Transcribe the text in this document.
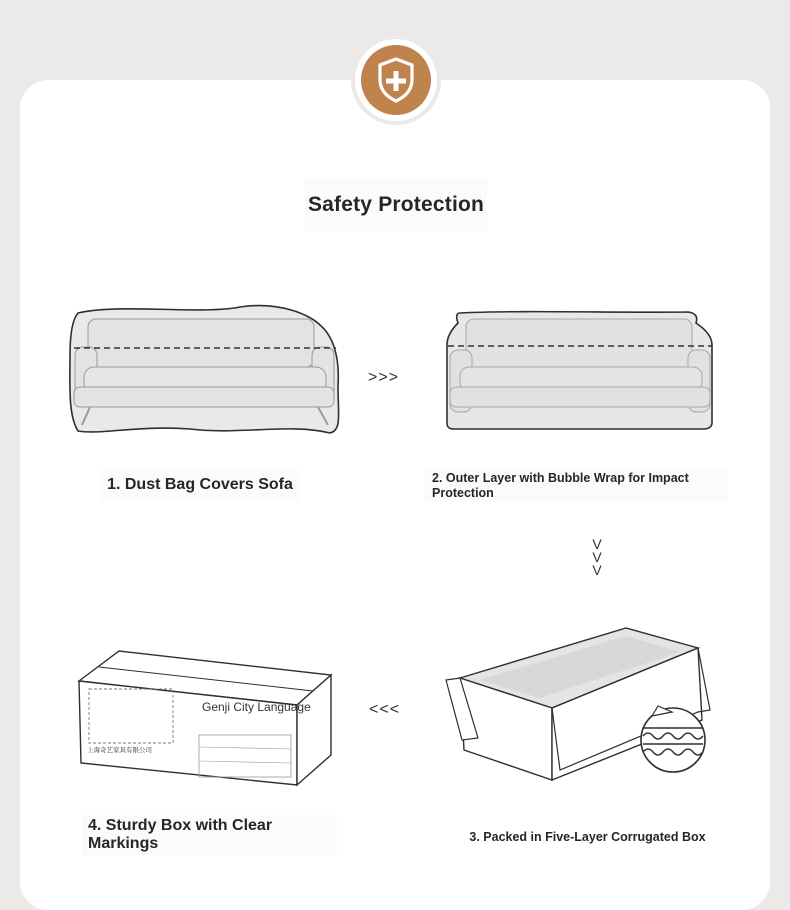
Safety Protection
>>>
V
V
V
<<<
上海奇艺家具有限公司
Genji City Language
1. Dust Bag Covers Sofa	2. Outer Layer with Bubble Wrap for Impact Protection
3. Packed in Five-Layer Corrugated Box
4. Sturdy Box with Clear Markings
